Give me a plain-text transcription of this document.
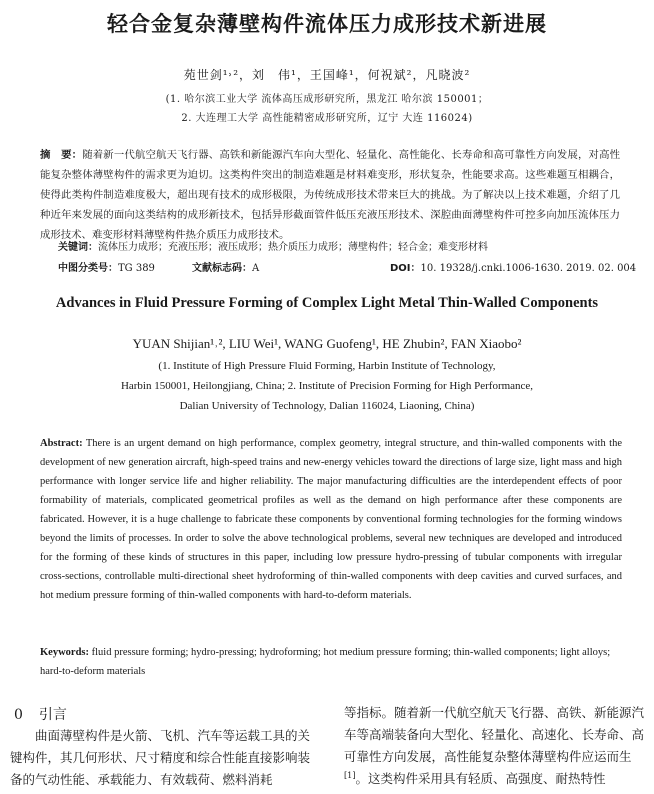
轻合金复杂薄壁构件流体压力成形技术新进展
苑世剑¹˒²，刘　伟¹，王国峰¹，何祝斌²，凡晓波²
(1. 哈尔滨工业大学 流体高压成形研究所，黑龙江 哈尔滨 150001；
2. 大连理工大学 高性能精密成形研究所，辽宁 大连 116024)
摘　要：随着新一代航空航天飞行器、高铁和新能源汽车向大型化、轻量化、高性能化、长寿命和高可靠性方向发展，对高性能复杂整体薄壁构件的需求更为迫切。这类构件突出的制造难题是材料难变形，形状复杂，性能要求高。这些难题互相耦合，使得此类构件制造难度极大，超出现有技术的成形极限，为传统成形技术带来巨大的挑战。为了解决以上技术难题，介绍了几种近年来发展的面向这类结构的成形新技术，包括异形截面管件低压充液压形技术、深腔曲面薄壁构件可控多向加压流体压力成形技术、难变形材料薄壁构件热介质压力成形技术。
关键词：流体压力成形；充液压形；液压成形；热介质压力成形；薄壁构件；轻合金；难变形材料
中图分类号：TG 389	文献标志码：A	DOI：10. 19328/j.cnki.1006-1630. 2019. 02. 004
Advances in Fluid Pressure Forming of Complex Light Metal Thin-Walled Components
YUAN Shijian¹˒², LIU Wei¹, WANG Guofeng¹, HE Zhubin², FAN Xiaobo²
(1. Institute of High Pressure Fluid Forming, Harbin Institute of Technology,
Harbin 150001, Heilongjiang, China; 2. Institute of Precision Forming for High Performance,
Dalian University of Technology, Dalian 116024, Liaoning, China)
Abstract: There is an urgent demand on high performance, complex geometry, integral structure, and thin-walled components with the development of new generation aircraft, high-speed trains and new-energy vehicles toward the directions of large size, light mass and high performance with longer service life and higher reliability. The major manufacturing difficulties are the interdependent effects of poor formability of materials, complicated geometrical profiles as well as the demand on high performance after these components are fabricated. However, it is a huge challenge to fabricate these components by conventional forming technologies for the forming windows beyond the limits of processes. In order to solve the above technological problems, several new techniques are developed and introduced for the forming of these kinds of structures in this paper, including low pressure hydro-pressing of tubular components with irregular cross-sections, controllable multi-directional sheet hydroforming of thin-walled components with deep cavities and curved surfaces, and hot medium pressure forming of thin-walled components with hard-to-deform materials.
Keywords: fluid pressure forming; hydro-pressing; hydroforming; hot medium pressure forming; thin-walled components; light alloys; hard-to-deform materials
0 引言
曲面薄壁构件是火箭、飞机、汽车等运载工具的关键构件，其几何形状、尺寸精度和综合性能直接影响装备的气动性能、承载能力、有效载荷、燃料消耗
等指标。随着新一代航空航天飞行器、高铁、新能源汽车等高端装备向大型化、轻量化、高速化、长寿命、高可靠性方向发展，高性能复杂整体薄壁构件应运而生[1]。这类构件采用具有轻质、高强度、耐热特性
